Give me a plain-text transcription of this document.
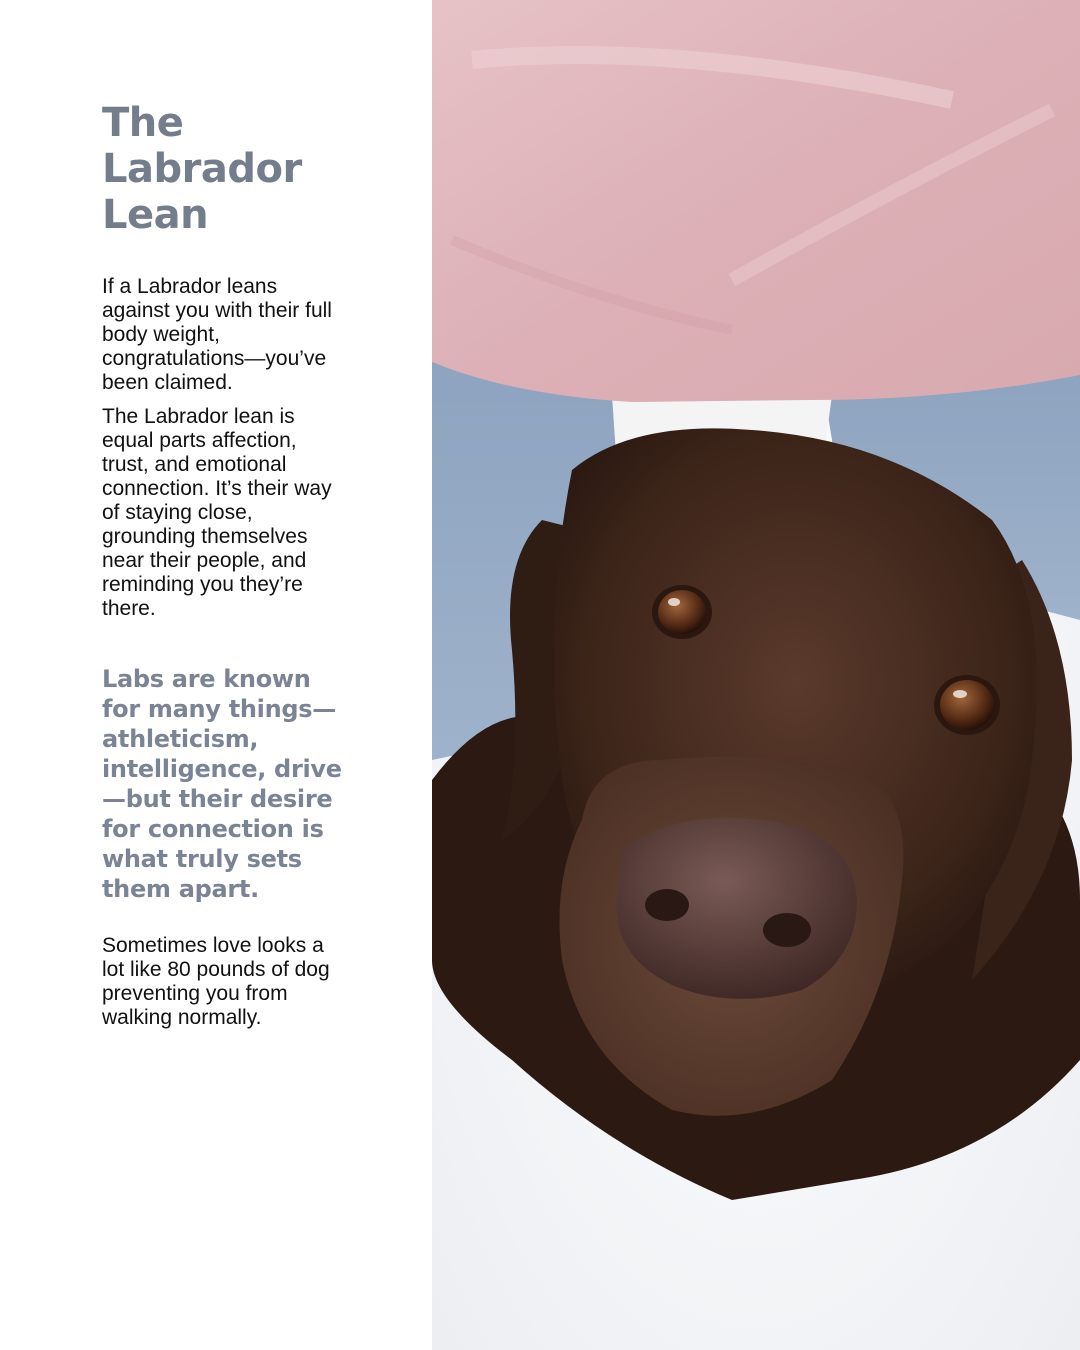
The
Labrador
Lean

If a Labrador leans against you with their full body weight, congratulations—you’ve been claimed.

The Labrador lean is equal parts affection, trust, and emotional connection. It’s their way of staying close, grounding themselves near their people, and reminding you they’re there.

Labs are known for many things—athleticism, intelligence, drive—but their desire for connection is what truly sets them apart.

Sometimes love looks a lot like 80 pounds of dog preventing you from walking normally.
